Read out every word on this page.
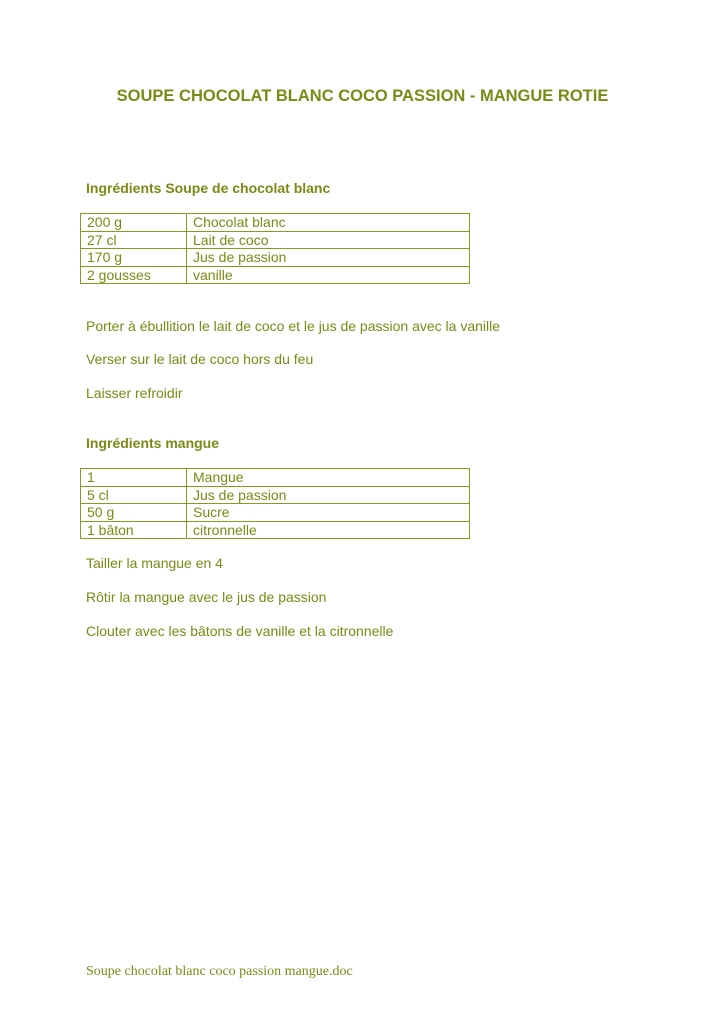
SOUPE CHOCOLAT BLANC COCO PASSION - MANGUE ROTIE
Ingrédients Soupe de chocolat blanc
200 g	Chocolat blanc
27 cl	Lait de coco
170 g	Jus de passion
2 gousses	vanille

Porter à ébullition le lait de coco et le jus de passion avec la vanille

Verser sur le lait de coco hors du feu

Laisser refroidir

Ingrédients mangue
1	Mangue
5 cl	Jus de passion
50 g	Sucre
1 bâton	citronnelle

Tailler la mangue en 4

Rôtir la mangue avec le jus de passion

Clouter avec les bâtons de vanille et la citronnelle

Soupe chocolat blanc coco passion mangue.doc
